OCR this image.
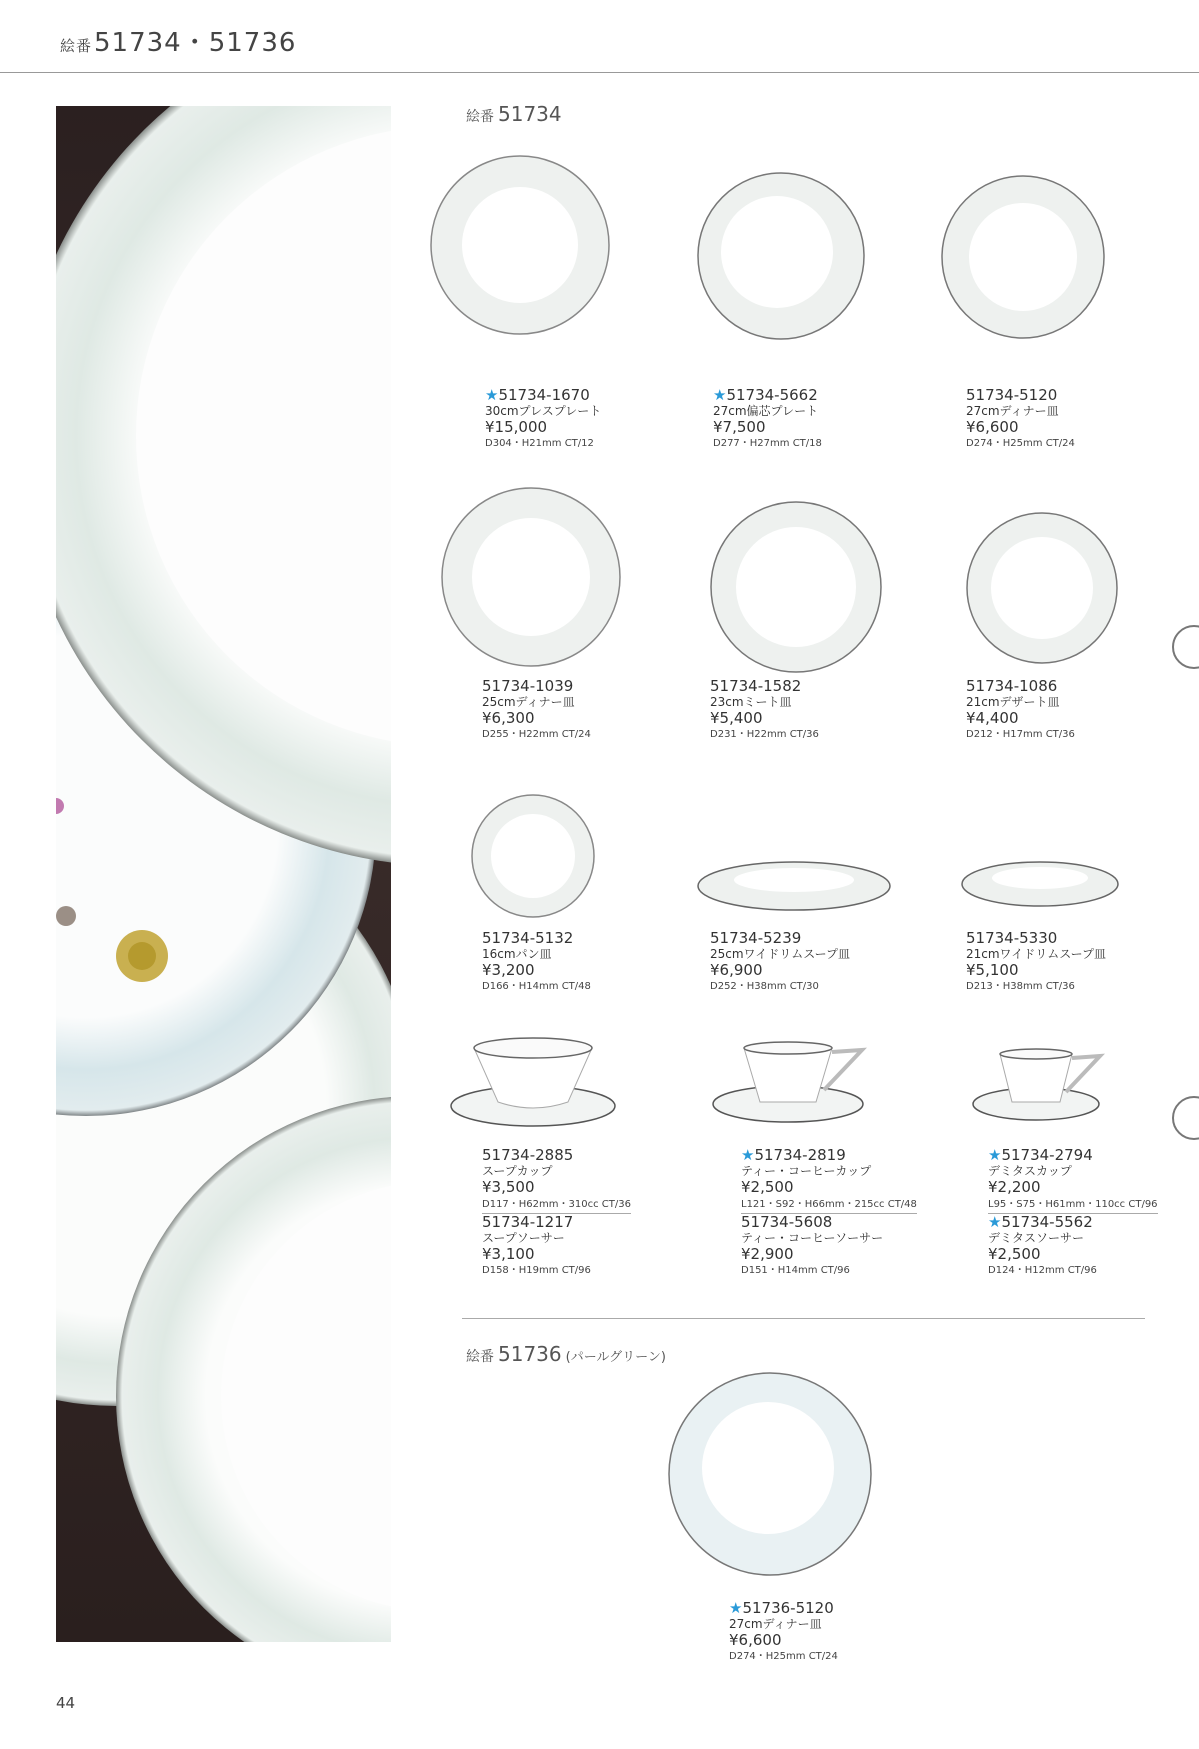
絵番51734・51736
絵番 51734
★51734-1670
30cmプレスプレート
¥15,000
D304・H21mm CT/12
★51734-5662
27cm偏芯プレート
¥7,500
D277・H27mm CT/18
51734-5120
27cmディナー皿
¥6,600
D274・H25mm CT/24
51734-1039
25cmディナー皿
¥6,300
D255・H22mm CT/24
51734-1582
23cmミート皿
¥5,400
D231・H22mm CT/36
51734-1086
21cmデザート皿
¥4,400
D212・H17mm CT/36
51734-5132
16cmパン皿
¥3,200
D166・H14mm CT/48
51734-5239
25cmワイドリムスープ皿
¥6,900
D252・H38mm CT/30
51734-5330
21cmワイドリムスープ皿
¥5,100
D213・H38mm CT/36
51734-2885
スープカップ
¥3,500
D117・H62mm・310cc CT/36
51734-1217
スープソーサー
¥3,100
D158・H19mm CT/96
★51734-2819
ティー・コーヒーカップ
¥2,500
L121・S92・H66mm・215cc CT/48
51734-5608
ティー・コーヒーソーサー
¥2,900
D151・H14mm CT/96
★51734-2794
デミタスカップ
¥2,200
L95・S75・H61mm・110cc CT/96
★51734-5562
デミタスソーサー
¥2,500
D124・H12mm CT/96
絵番 51736 (パールグリーン)
★51736-5120
27cmディナー皿
¥6,600
D274・H25mm CT/24
44
